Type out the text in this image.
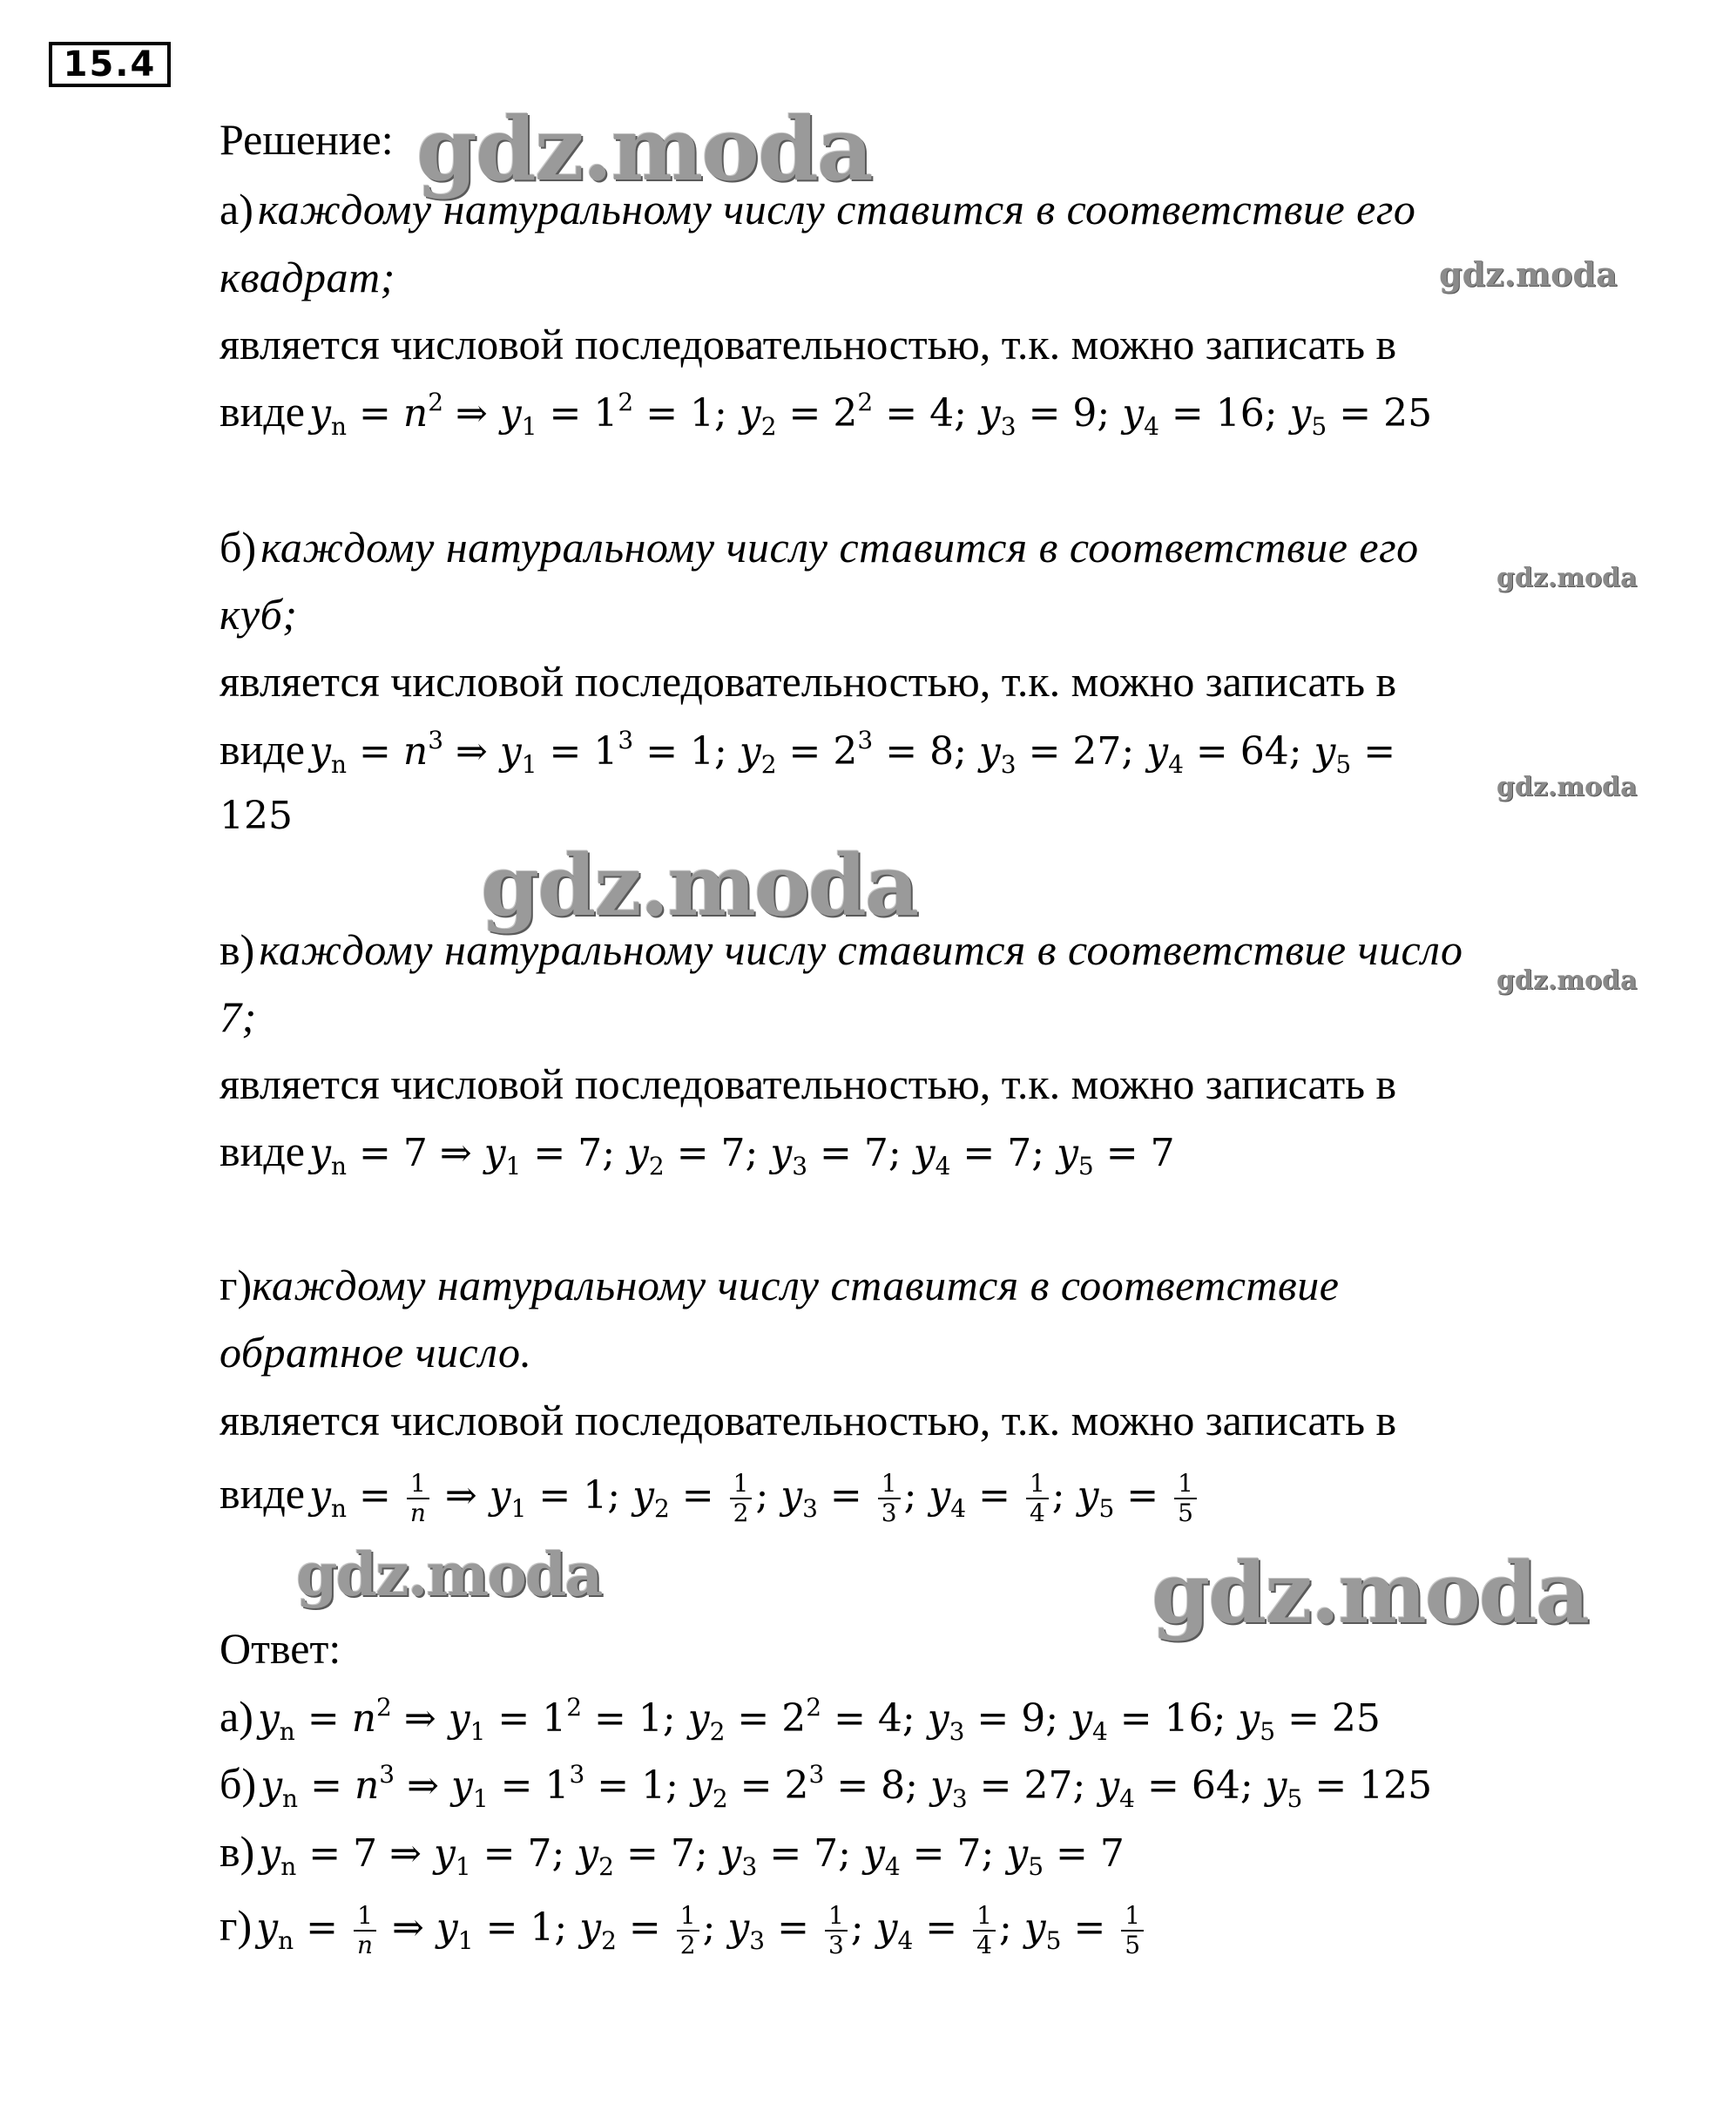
15.4
Решение: gdz.moda
а) каждому натуральному числу ставится в соответствие его
квадрат;	gdz.moda
является числовой последовательностью, т.к. можно записать в
виде $y_n = n^2$ ⇒ $y_1 = 1^2 = 1$; $y_2 = 2^2 = 4$; $y_3 = 9$; $y_4 = 16$; $y_5 = 25$
б) каждому натуральному числу ставится в соответствие его
gdz.moda
куб;
является числовой последовательностью, т.к. можно записать в
виде $y_n = n^3$ ⇒ $y_1 = 1^3 = 1$; $y_2 = 2^3 = 8$; $y_3 = 27$; $y_4 = 64$; $y_5$ =
gdz.moda
125
gdz.moda
в) каждому натуральному числу ставится в соответствие число
gdz.moda
7;
является числовой последовательностью, т.к. можно записать в
виде $y_n = 7$ ⇒ $y_1 = 7$; $y_2 = 7$; $y_3 = 7$; $y_4 = 7$; $y_5 = 7$
г)каждому натуральному числу ставится в соответствие
обратное число.
является числовой последовательностью, т.к. можно записать в
виде $y_n = \frac{1}{n}$ ⇒ $y_1 = 1$; $y_2 = \frac{1}{2}$ ; $y_3 = \frac{1}{3}$ ; $y_4 = \frac{1}{4}$ ; $y_5 = \frac{1}{5}$
gdz.moda	gdz.moda
Ответ:
а) $y_n = n^2$ ⇒ $y_1 = 1^2 = 1$; $y_2 = 2^2 = 4$; $y_3 = 9$; $y_4 = 16$; $y_5 = 25$
б) $y_n = n^3$ ⇒ $y_1 = 1^3 = 1$; $y_2 = 2^3 = 8$; $y_3 = 27$; $y_4 = 64$; $y_5 = 125$
в) $y_n = 7$ ⇒ $y_1 = 7$; $y_2 = 7$; $y_3 = 7$; $y_4 = 7$; $y_5 = 7$
г) $y_n = \frac{1}{n}$ ⇒ $y_1 = 1$; $y_2 = \frac{1}{2}$ ; $y_3 = \frac{1}{3}$ ; $y_4 = \frac{1}{4}$ ; $y_5 = \frac{1}{5}$
